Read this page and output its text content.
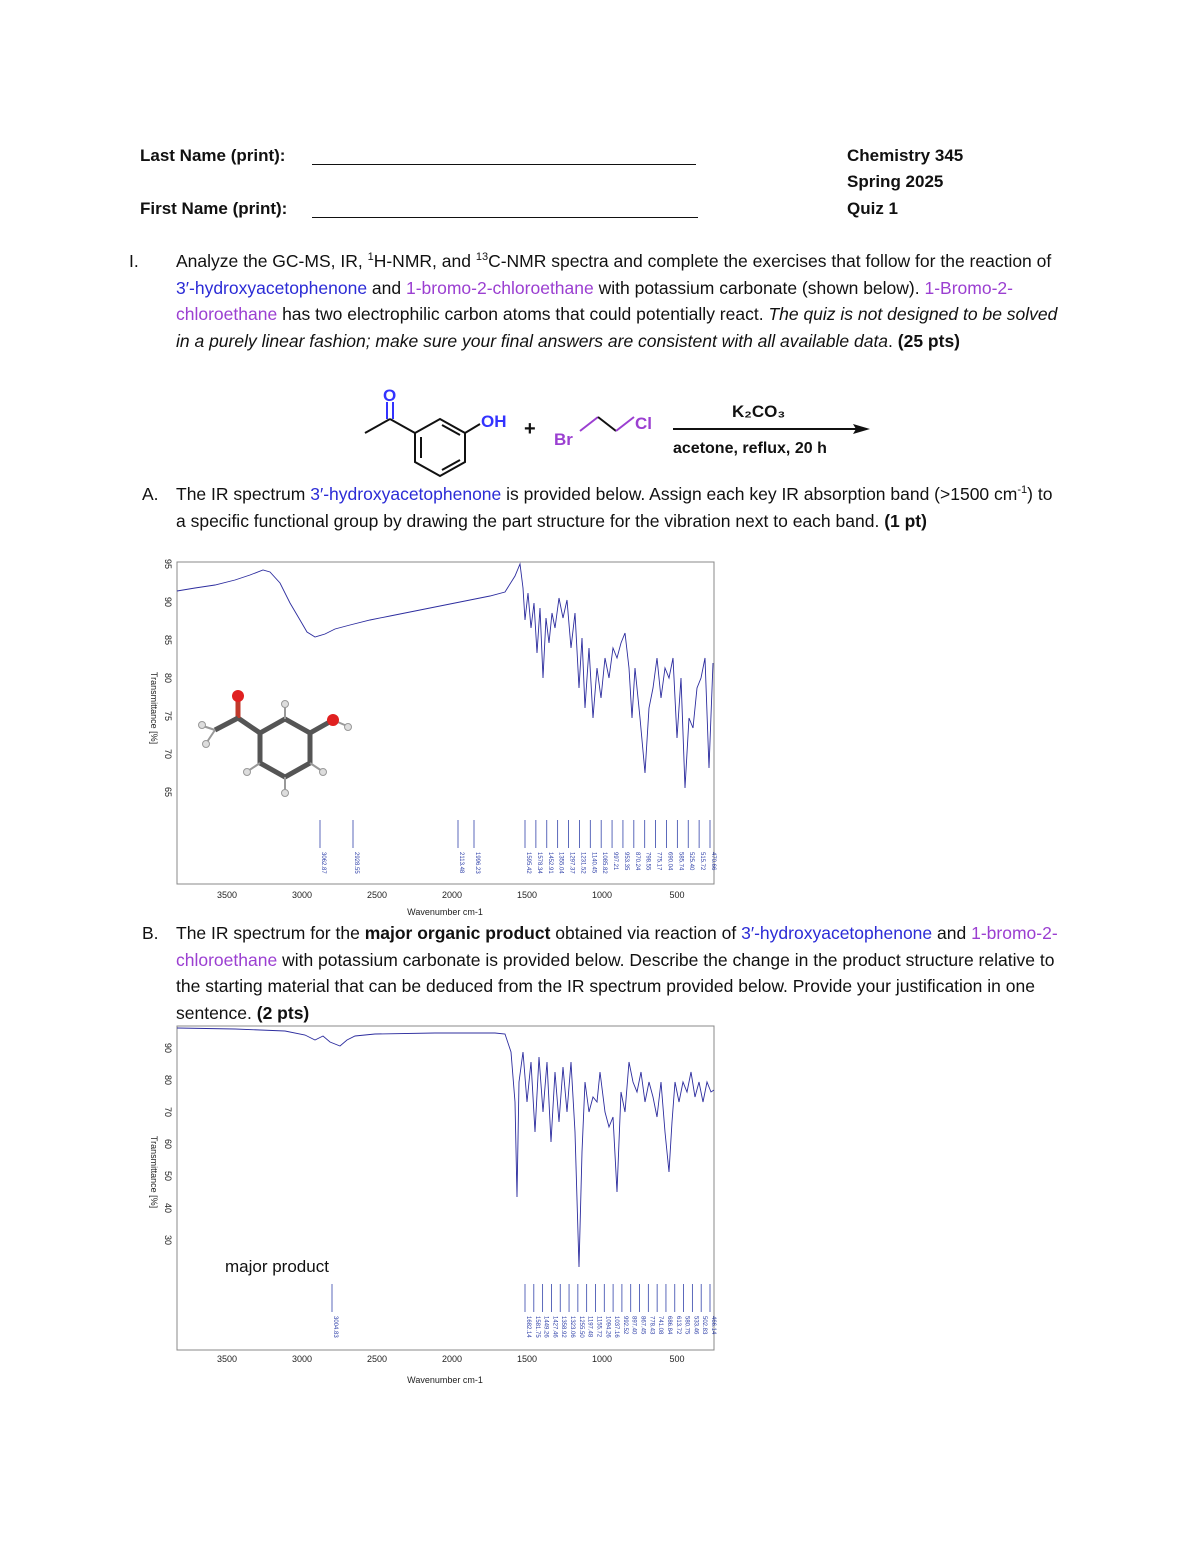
Last Name (print):
First Name (print):
Chemistry 345
Spring 2025
Quiz 1
I. Analyze the GC-MS, IR, $^1$H-NMR, and $^{13}$C-NMR spectra and complete the exercises that follow for the reaction of 3′-hydroxyacetophenone and 1-bromo-2-chloroethane with potassium carbonate (shown below). 1-Bromo-2-chloroethane has two electrophilic carbon atoms that could potentially react. The quiz is not designed to be solved in a purely linear fashion; make sure your final answers are consistent with all available data. (25 pts)
O
OH + Br
Cl
K₂CO₃
acetone, reflux, 20 h
A. The IR spectrum 3′-hydroxyacetophenone is provided below. Assign each key IR absorption band (>1500 $cm^{-1}$) to a specific functional group by drawing the part structure for the vibration next to each band. (1 pt)
Transmittance [%]
Wavenumber cm-1
95
90
85
80
75
70
65
3500	3000	2500	2000	1500	1000	500
3062.87	2928.55	2113.48 1996.23	1595.42 1578.34 1452.91 1355.04 1297.37 1231.52 1140.45 1085.82 997.21 953.35 870.24 798.55 775.17 690.04 585.74 525.40 515.72 470.66
B. The IR spectrum for the major organic product obtained via reaction of 3′-hydroxyacetophenone and 1-bromo-2-chloroethane with potassium carbonate is provided below. Describe the change in the product structure relative to the starting material that can be deduced from the IR spectrum provided below. Provide your justification in one sentence. (2 pts)
Transmittance [%]
Wavenumber cm-1
major product
90
80
70
60
50
40
30
3500	3000	2500	2000	1500	1000	500
3004.83	1682.14 1581.75 1449.26 1427.46 1358.92 1323.06 1255.50 1197.48 1155.72 1094.26 1037.16 992.52 897.40 867.45 778.43 741.08 686.84 613.72 580.75 533.46 502.83 466.14
